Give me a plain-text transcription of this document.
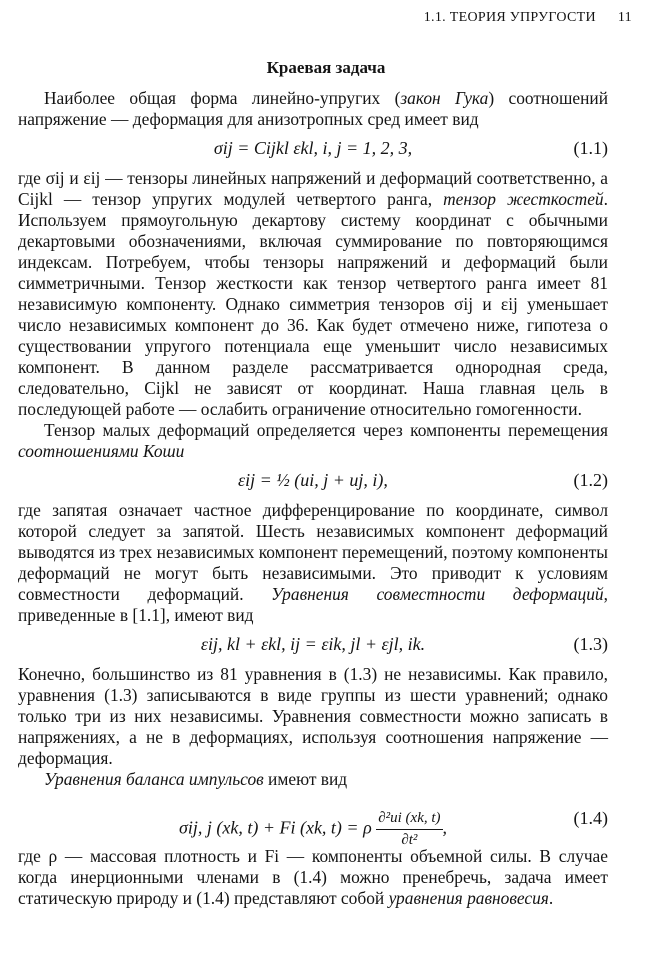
1.1. ТЕОРИЯ УПРУГОСТИ 11
Краевая задача

Наиболее общая форма линейно-упругих (закон Гука) соотношений напряжение — деформация для анизотропных сред имеет вид

σij = Cijkl εkl, i, j = 1, 2, 3,	(1.1)

где σij и εij — тензоры линейных напряжений и деформаций соответственно, а Cijkl — тензор упругих модулей четвертого ранга, тензор жесткостей. Используем прямоугольную декартову систему координат с обычными декартовыми обозначениями, включая суммирование по повторяющимся индексам. Потребуем, чтобы тензоры напряжений и деформаций были симметричными. Тензор жесткости как тензор четвертого ранга имеет 81 независимую компоненту. Однако симметрия тензоров σij и εij уменьшает число независимых компонент до 36. Как будет отмечено ниже, гипотеза о существовании упругого потенциала еще уменьшит число независимых компонент. В данном разделе рассматривается однородная среда, следовательно, Cijkl не зависят от координат. Наша главная цель в последующей работе — ослабить ограничение относительно гомогенности.

Тензор малых деформаций определяется через компоненты перемещения соотношениями Коши

εij = ½ (ui, j + uj, i),	(1.2)

где запятая означает частное дифференцирование по координате, символ которой следует за запятой. Шесть независимых компонент деформаций выводятся из трех независимых компонент перемещений, поэтому компоненты деформаций не могут быть независимыми. Это приводит к условиям совместности деформаций. Уравнения совместности деформаций, приведенные в [1.1], имеют вид

εij, kl + εkl, ij = εik, jl + εjl, ik.	(1.3)

Конечно, большинство из 81 уравнения в (1.3) не независимы. Как правило, уравнения (1.3) записываются в виде группы из шести уравнений; однако только три из них независимы. Уравнения совместности можно записать в напряжениях, а не в деформациях, используя соотношения напряжение — деформация.

Уравнения баланса импульсов имеют вид

σij, j (xk, t) + Fi (xk, t) = ρ $\frac{\text{∂²ui (xk, t)}}{\text{∂t²}}$ ,	(1.4)

где ρ — массовая плотность и Fi — компоненты объемной силы. В случае когда инерционными членами в (1.4) можно пренебречь, задача имеет статическую природу и (1.4) представляют собой уравнения равновесия.
